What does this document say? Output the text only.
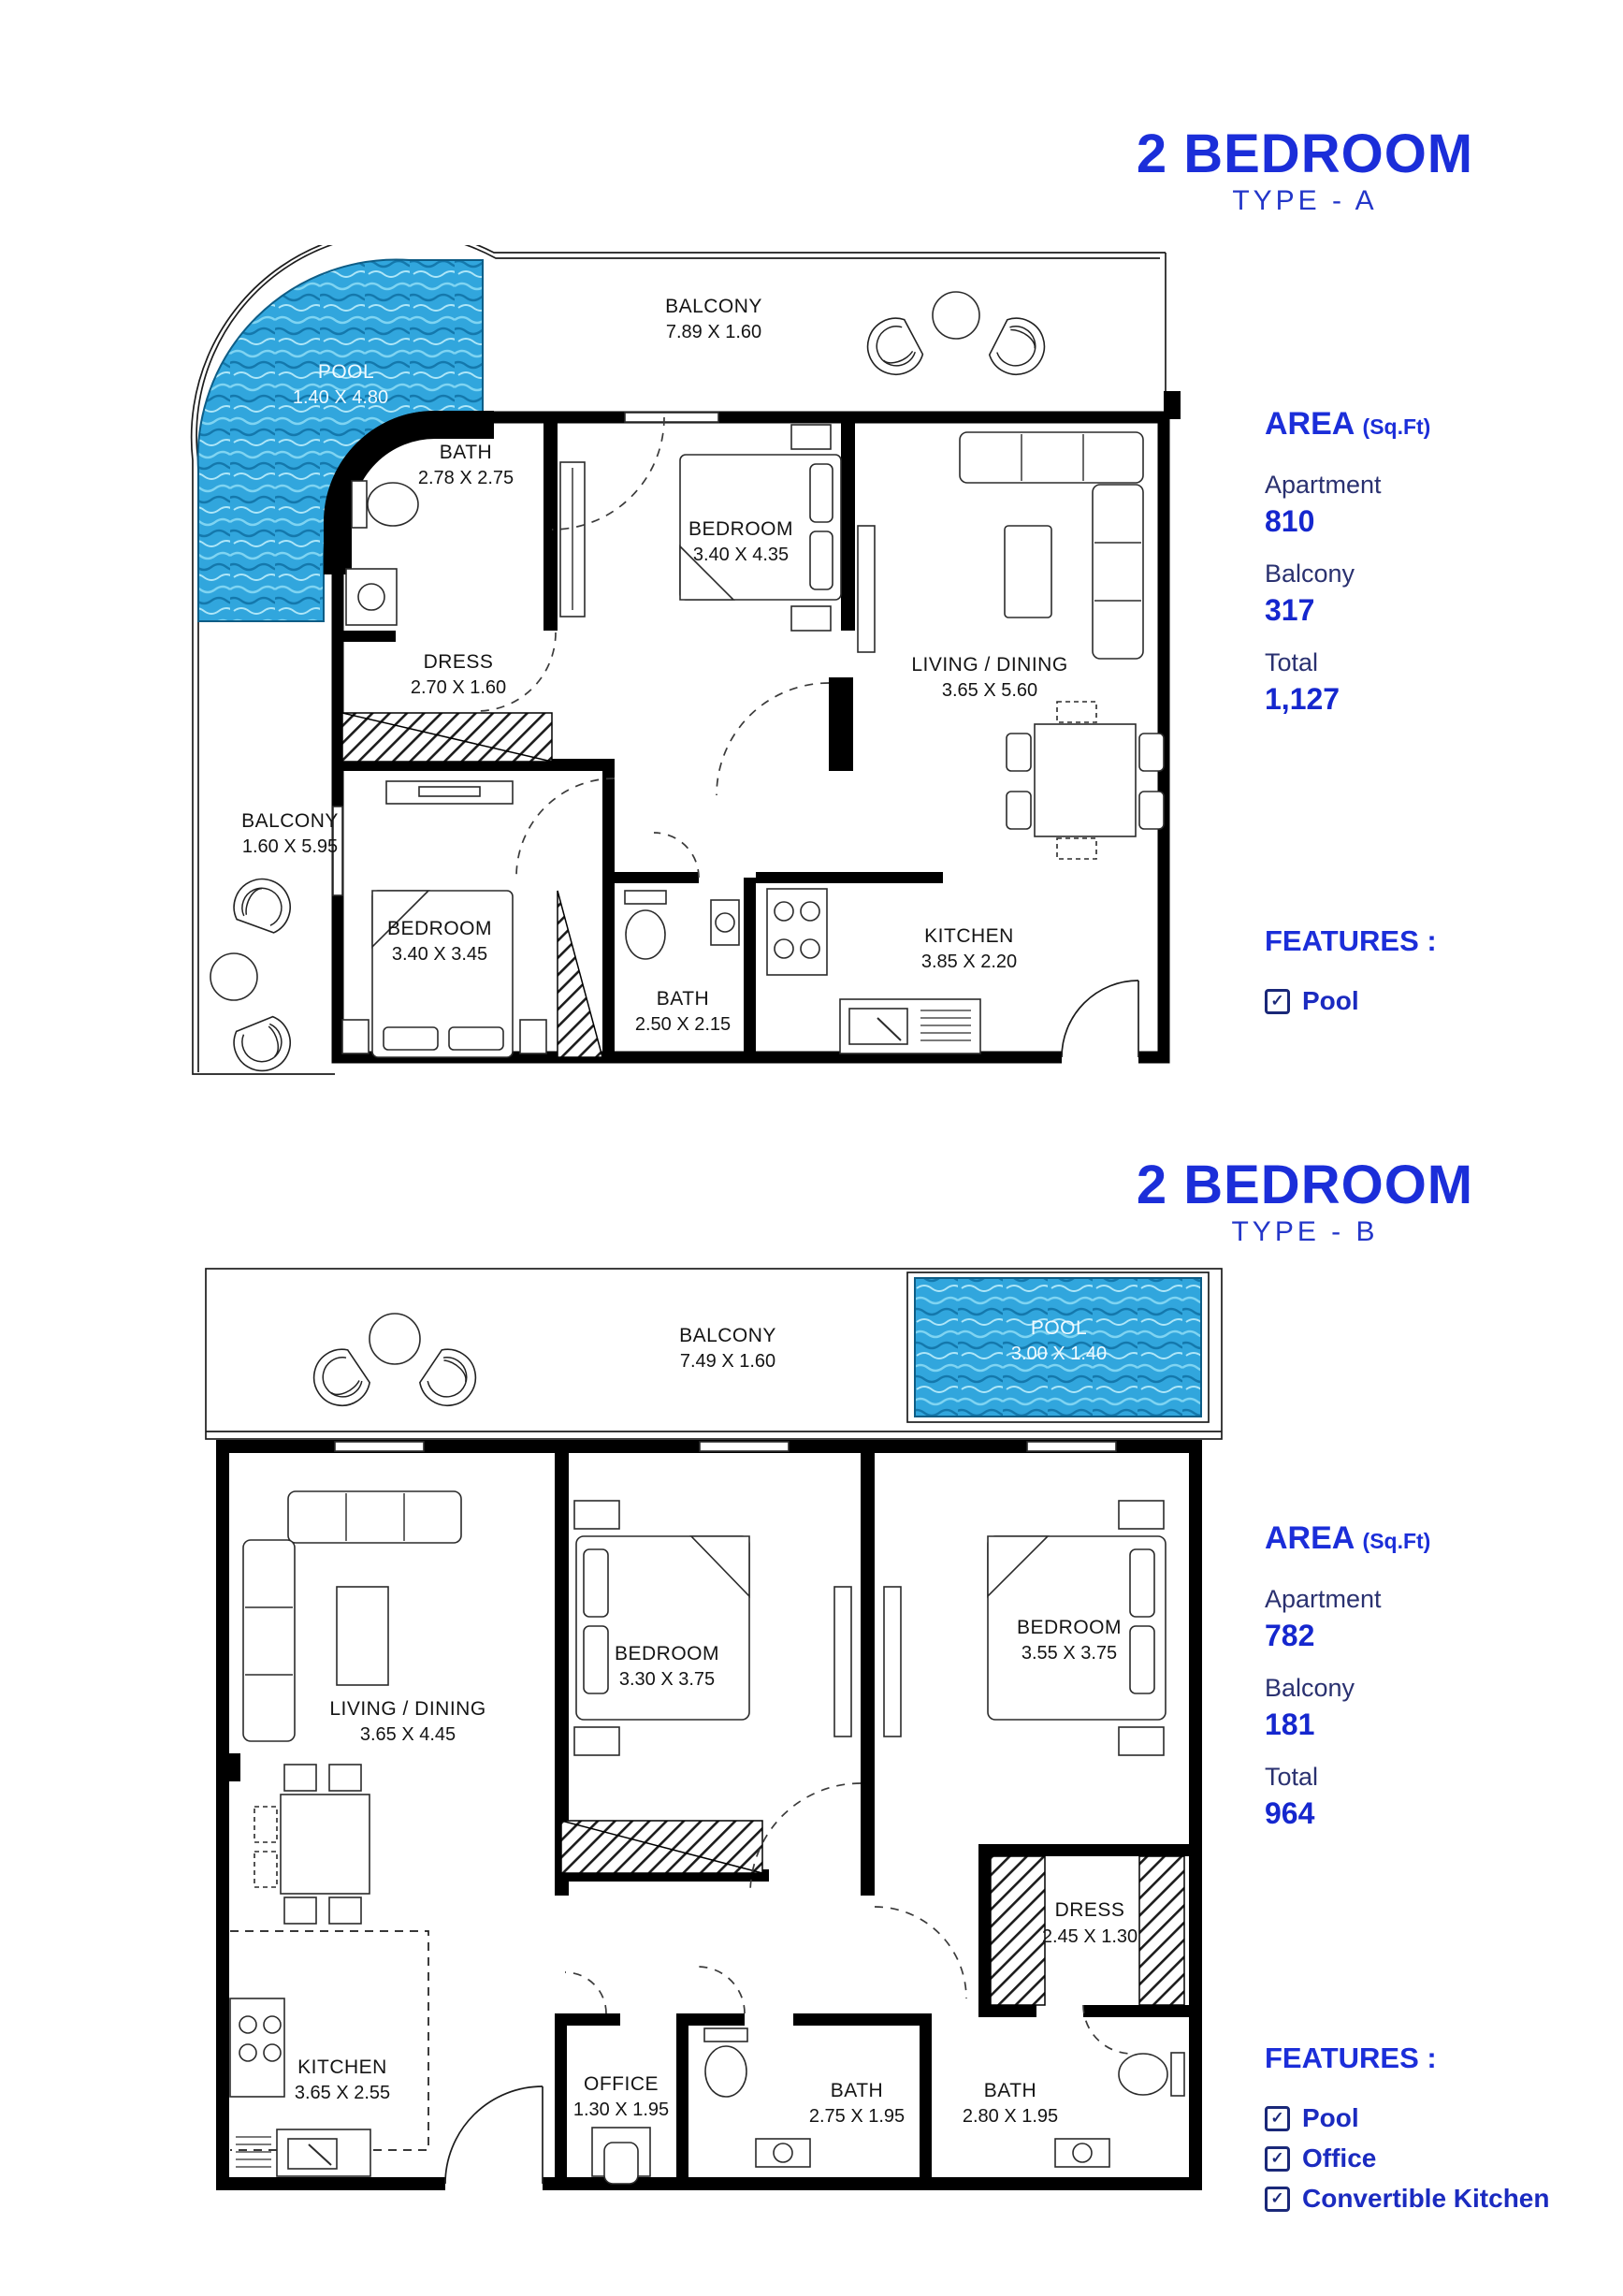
2 BEDROOM
TYPE - A
BALCONY
7.89 X 1.60
POOL
1.40 X 4.80
BATH
2.78 X 2.75
BEDROOM
3.40 X 4.35
LIVING / DINING
3.65 X 5.60
DRESS
2.70 X 1.60
BALCONY
1.60 X 5.95
BEDROOM
3.40 X 3.45
BATH
2.50 X 2.15
KITCHEN
3.85 X 2.20
AREA (Sq.Ft)
Apartment
810
Balcony
317
Total
1,127
FEATURES :
✓ Pool
2 BEDROOM
TYPE - B
BALCONY
7.49 X 1.60
POOL
3.00 X 1.40
LIVING / DINING
3.65 X 4.45
BEDROOM
3.30 X 3.75
BEDROOM
3.55 X 3.75
DRESS
2.45 X 1.30
KITCHEN
3.65 X 2.55	OFFICE
1.30 X 1.95
BATH
2.75 X 1.95
BATH
2.80 X 1.95
AREA (Sq.Ft)
Apartment
782
Balcony
181
Total
964
FEATURES :
✓ Pool
✓ Office
✓ Convertible Kitchen
